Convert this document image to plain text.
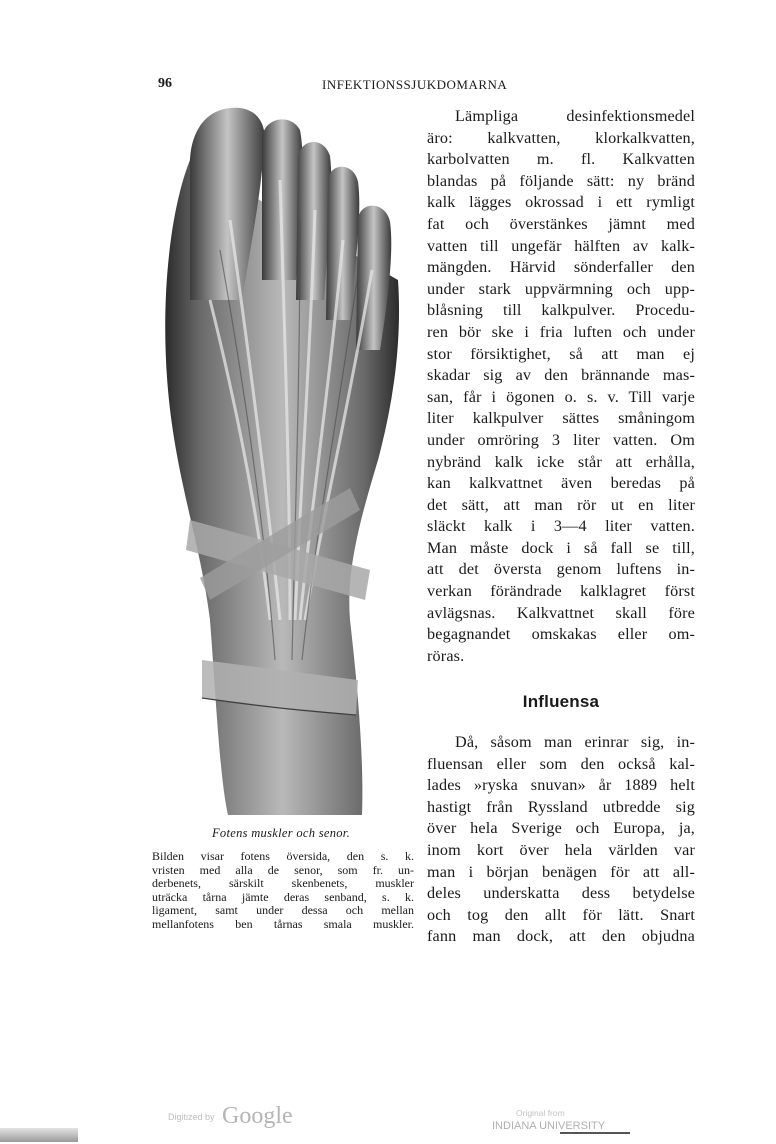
96	INFEKTIONSSJUKDOMARNA
Fotens muskler och senor.
Bilden visar fotens översida, den s. k.
vristen med alla de senor, som fr. un-
derbenets, särskilt skenbenets, muskler
uträcka tårna jämte deras senband, s. k.
ligament, samt under dessa och mellan
mellanfotens ben tårnas smala muskler.
Lämpliga desinfektionsmedel
äro: kalkvatten, klorkalkvatten,
karbolvatten m. fl. Kalkvatten
blandas på följande sätt: ny bränd
kalk lägges okrossad i ett rymligt
fat och överstänkes jämnt med
vatten till ungefär hälften av kalk-
mängden. Härvid sönderfaller den
under stark uppvärmning och upp-
blåsning till kalkpulver. Procedu-
ren bör ske i fria luften och under
stor försiktighet, så att man ej
skadar sig av den brännande mas-
san, får i ögonen o. s. v. Till varje
liter kalkpulver sättes småningom
under omröring 3 liter vatten. Om
nybränd kalk icke står att erhålla,
kan kalkvattnet även beredas på
det sätt, att man rör ut en liter
släckt kalk i 3—4 liter vatten.
Man måste dock i så fall se till,
att det översta genom luftens in-
verkan förändrade kalklagret först
avlägsnas. Kalkvattnet skall före
begagnandet omskakas eller om-
röras.
Influensa
Då, såsom man erinrar sig, in-
fluensan eller som den också kal-
lades »ryska snuvan» år 1889 helt
hastigt från Ryssland utbredde sig
över hela Sverige och Europa, ja,
inom kort över hela världen var
man i början benägen för att all-
deles underskatta dess betydelse
och tog den allt för lätt. Snart
fann man dock, att den objudna
Digitized by Google	Original from
INDIANA UNIVERSITY
